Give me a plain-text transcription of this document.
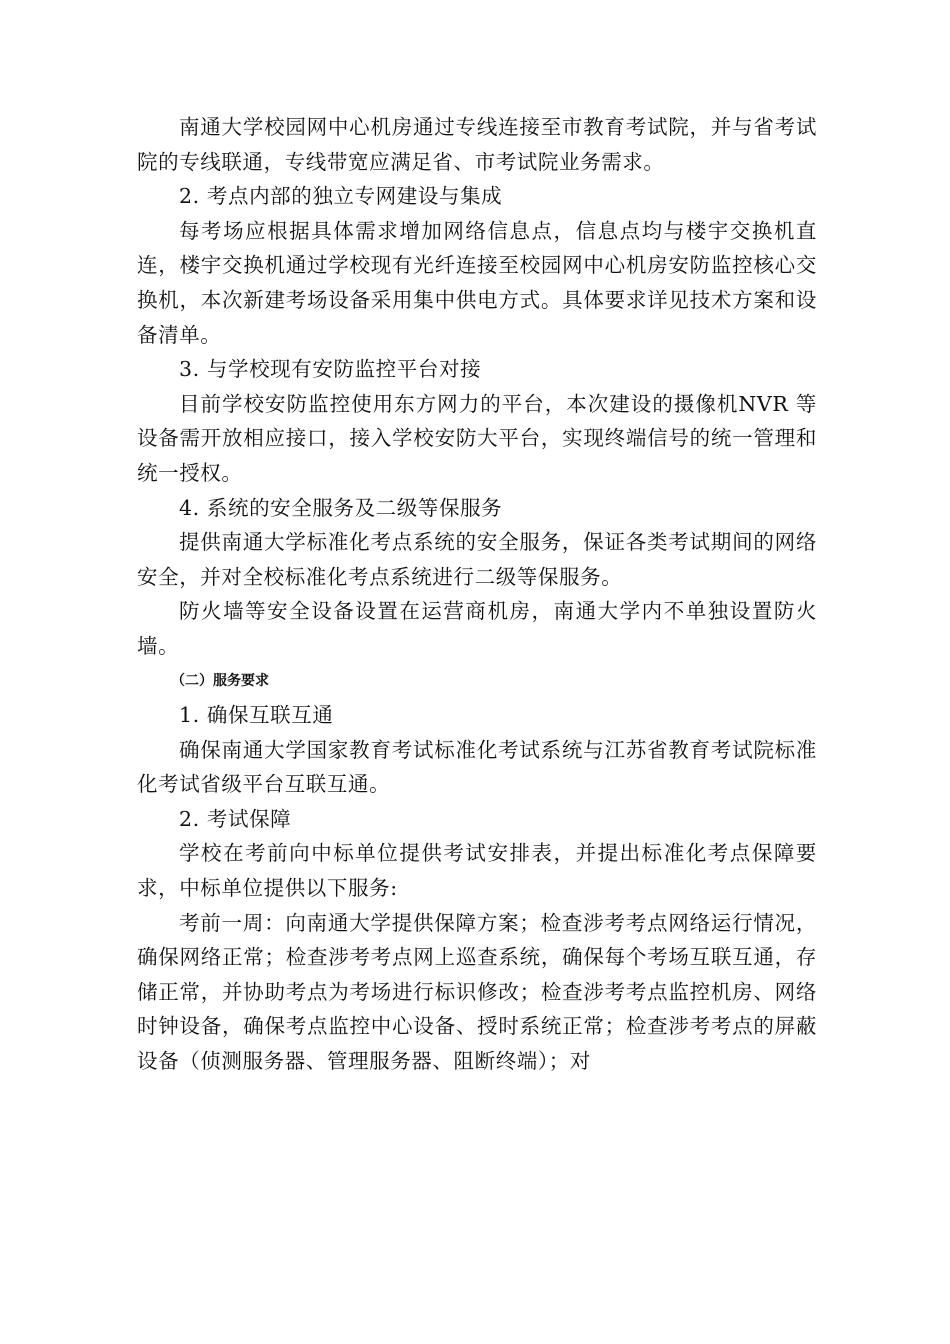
南通大学校园网中心机房通过专线连接至市教育考试院，并与省考试院的专线联通，专线带宽应满足省、市考试院业务需求。

2. 考点内部的独立专网建设与集成

每考场应根据具体需求增加网络信息点，信息点均与楼宇交换机直连，楼宇交换机通过学校现有光纤连接至校园网中心机房安防监控核心交换机，本次新建考场设备采用集中供电方式。具体要求详见技术方案和设备清单。

3. 与学校现有安防监控平台对接

目前学校安防监控使用东方网力的平台，本次建设的摄像机NVR 等设备需开放相应接口，接入学校安防大平台，实现终端信号的统一管理和统一授权。

4. 系统的安全服务及二级等保服务

提供南通大学标准化考点系统的安全服务，保证各类考试期间的网络安全，并对全校标准化考点系统进行二级等保服务。

防火墙等安全设备设置在运营商机房，南通大学内不单独设置防火墙。

（二）服务要求

1. 确保互联互通

确保南通大学国家教育考试标准化考试系统与江苏省教育考试院标准化考试省级平台互联互通。

2. 考试保障

学校在考前向中标单位提供考试安排表，并提出标准化考点保障要求，中标单位提供以下服务:

考前一周：向南通大学提供保障方案；检查涉考考点网络运行情况，确保网络正常；检查涉考考点网上巡查系统，确保每个考场互联互通，存储正常，并协助考点为考场进行标识修改；检查涉考考点监控机房、网络时钟设备，确保考点监控中心设备、授时系统正常；检查涉考考点的屏蔽设备（侦测服务器、管理服务器、阻断终端）；对
